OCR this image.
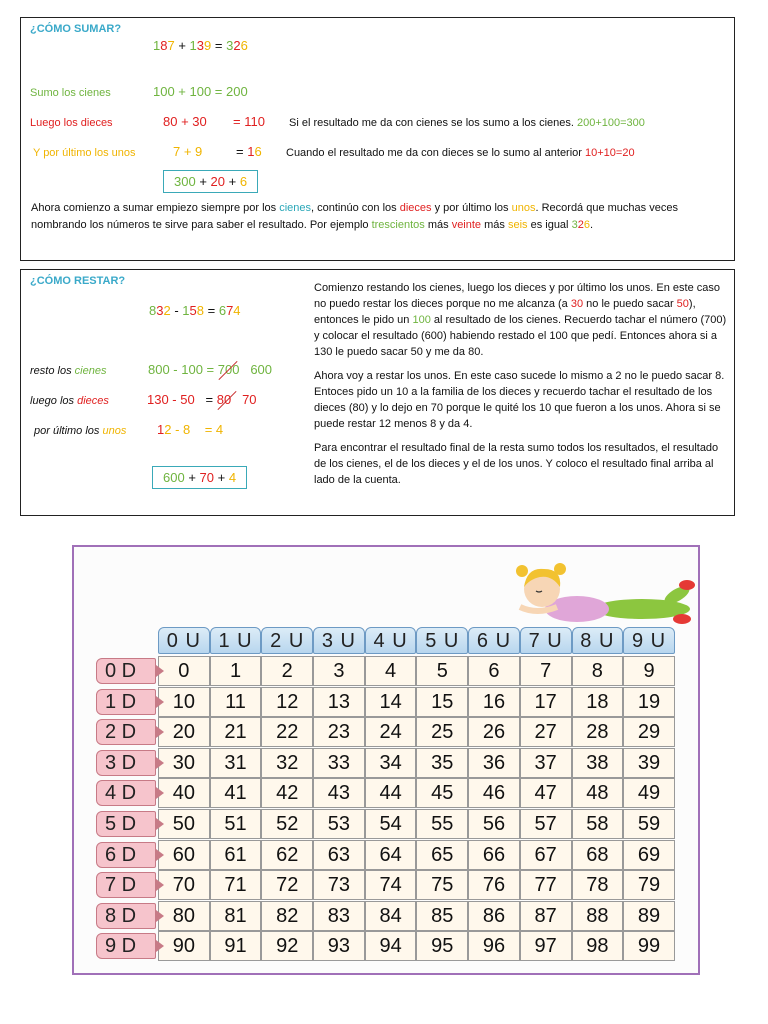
¿CÓMO SUMAR?
187 + 139 = 326
Sumo los cienes	100 + 100 = 200
Luego los dieces	80 + 30 = 110 Si el resultado me da con cienes se los sumo a los cienes. 200+100=300
Y por último los unos	7 + 9	= 16 Cuando el resultado me da con dieces se lo sumo al anterior 10+10=20
300 + 20 + 6
Ahora comienzo a sumar empiezo siempre por los cienes, continúo con los dieces y por último los unos. Recordá que muchas veces nombrando los números te sirve para saber el resultado. Por ejemplo trescientos más veinte más seis es igual 326.
¿CÓMO RESTAR?
832 - 158 = 674
resto los cienes	800 - 100 = 700 600
luego los dieces	130 - 50 = 80 70
por último los unos 12 - 8 = 4
600 + 70 + 4

Comienzo restando los cienes, luego los dieces y por último los unos. En este caso no puedo restar los dieces porque no me alcanza (a 30 no le puedo sacar 50), entonces le pido un 100 al resultado de los cienes. Recuerdo tachar el número (700) y colocar el resultado (600) habiendo restado el 100 que pedí. Entonces ahora si a 130 le puedo sacar 50 y me da 80.

Ahora voy a restar los unos. En este caso sucede lo mismo a 2 no le puedo sacar 8. Entoces pido un 10 a la familia de los dieces y recuerdo tachar el resultado de los dieces (80) y lo dejo en 70 porque le quité los 10 que fueron a los unos. Ahora si se puede restar 12 menos 8 y da 4.

Para encontrar el resultado final de la resta sumo todos los resultados, el resultado de los cienes, el de los dieces y el de los unos. Y coloco el resultado final arriba al lado de la cuenta.

0 U 1 U 2 U 3 U 4 U 5 U 6 U 7 U 8 U 9 U
0 D	0	1	2	3	4	5	6	7	8	9
1 D	10	11	12	13	14	15	16	17	18	19
2 D	20	21	22	23	24	25	26	27	28	29
3 D	30	31	32	33	34	35	36	37	38	39
4 D	40	41	42	43	44	45	46	47	48	49
5 D	50	51	52	53	54	55	56	57	58	59
6 D	60	61	62	63	64	65	66	67	68	69
7 D	70	71	72	73	74	75	76	77	78	79
8 D	80	81	82	83	84	85	86	87	88	89
9 D	90	91	92	93	94	95	96	97	98	99
